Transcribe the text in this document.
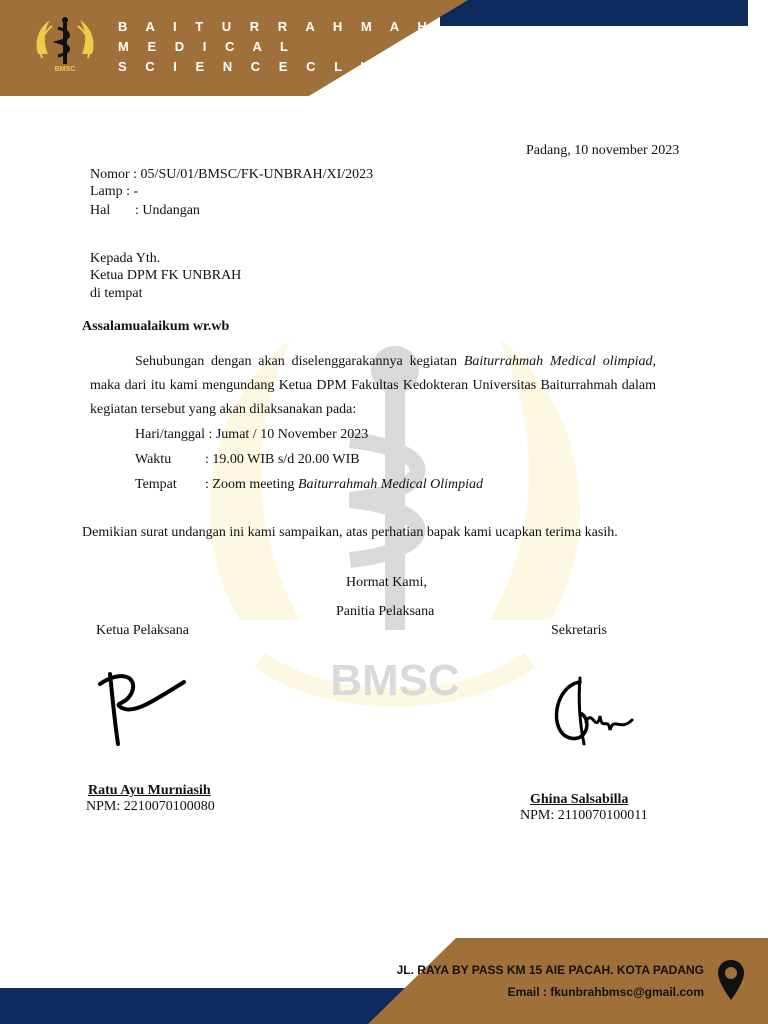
BMSC
B A I T U R R A H M A H
M E D I C A L
S C I E N C E C L U B
BMSC
Padang, 10 november 2023
Nomor : 05/SU/01/BMSC/FK-UNBRAH/XI/2023
Lamp : -
Hal : Undangan
Kepada Yth.
Ketua DPM FK UNBRAH
di tempat
Assalamualaikum wr.wb
Sehubungan dengan akan diselenggarakannya kegiatan Baiturrahmah Medical olimpiad, maka dari itu kami mengundang Ketua DPM Fakultas Kedokteran Universitas Baiturrahmah dalam kegiatan tersebut yang akan dilaksanakan pada:
Hari/tanggal : Jumat / 10 November 2023
Waktu : 19.00 WIB s/d 20.00 WIB
Tempat : Zoom meeting Baiturrahmah Medical Olimpiad
Demikian surat undangan ini kami sampaikan, atas perhatian bapak kami ucapkan terima kasih.
Hormat Kami,
Panitia Pelaksana
Ketua Pelaksana	Sekretaris
Ratu Ayu Murniasih
NPM: 2210070100080	Ghina Salsabilla
NPM: 2110070100011
JL. RAYA BY PASS KM 15 AIE PACAH. KOTA PADANG
Email : fkunbrahbmsc@gmail.com
